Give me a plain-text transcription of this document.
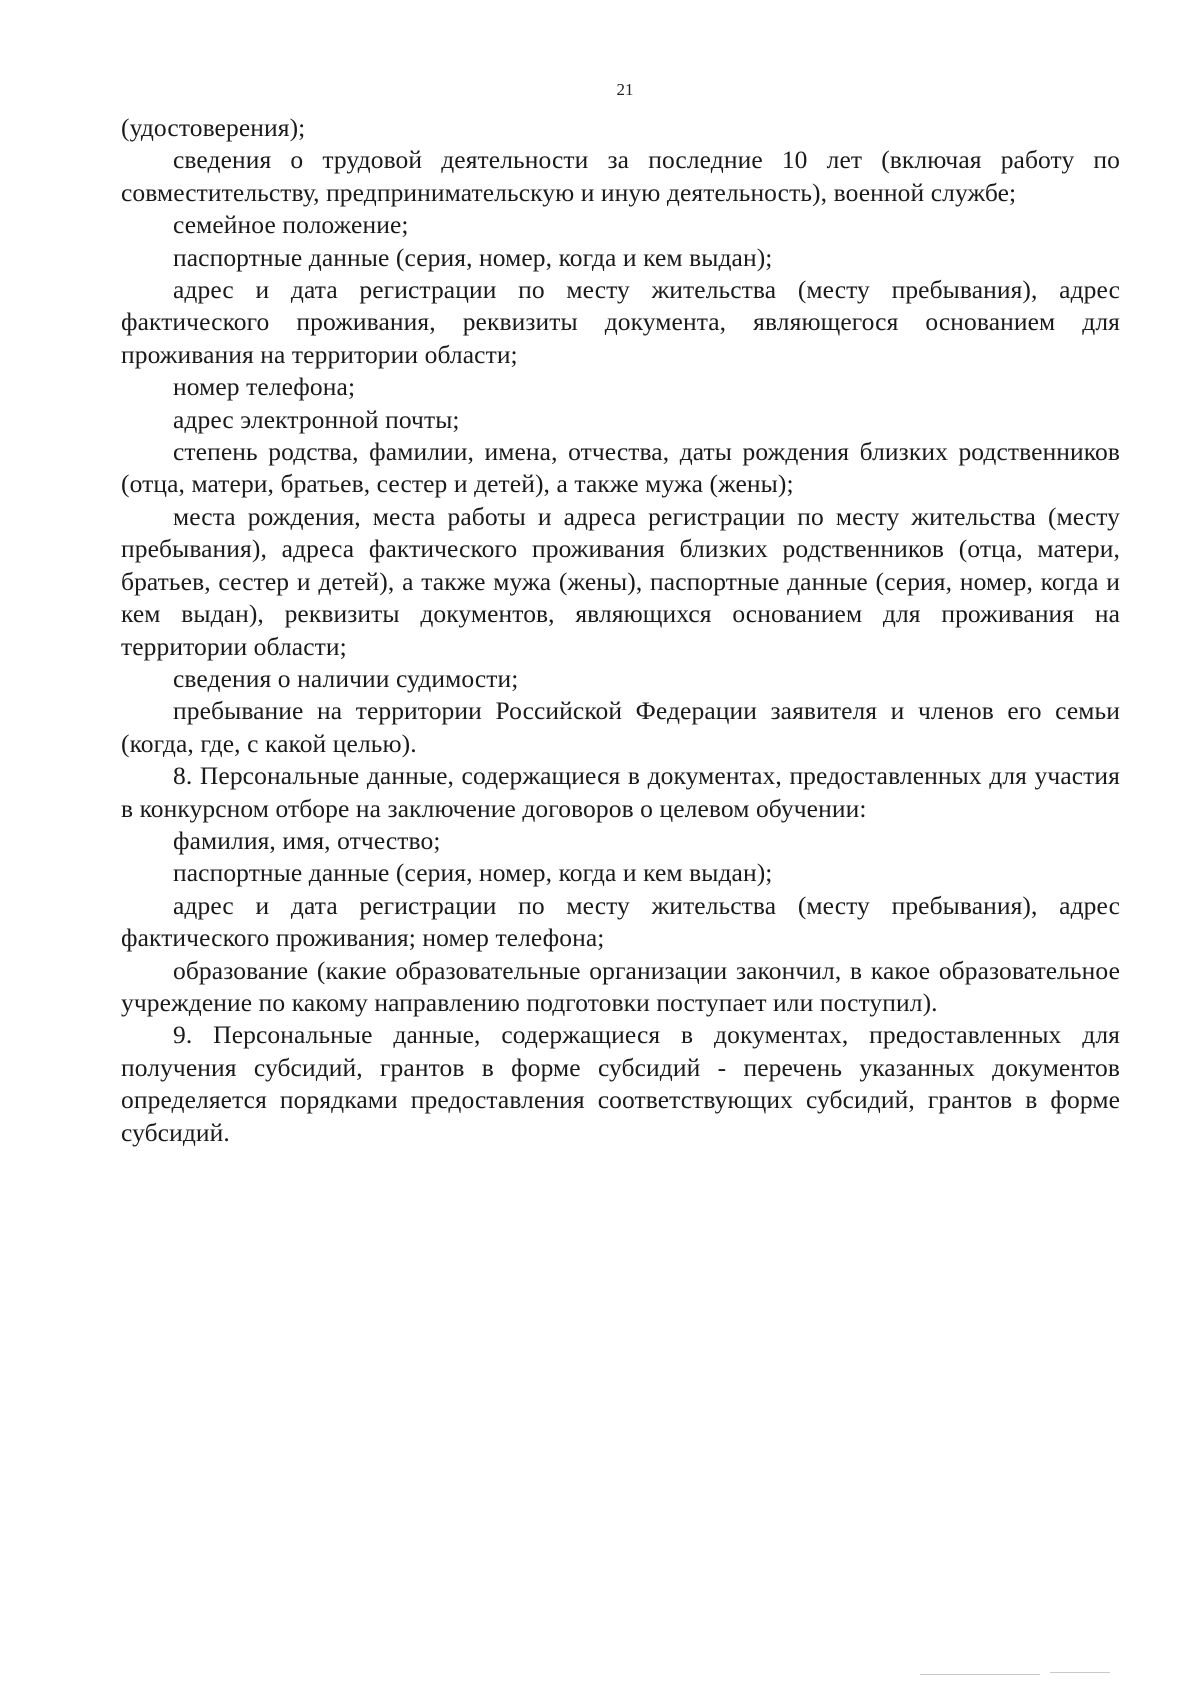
21

(удостоверения);

сведения о трудовой деятельности за последние 10 лет (включая работу по совместительству, предпринимательскую и иную деятельность), военной службе;

семейное положение;

паспортные данные (серия, номер, когда и кем выдан);

адрес и дата регистрации по месту жительства (месту пребывания), адрес фактического проживания, реквизиты документа, являющегося основанием для проживания на территории области;

номер телефона;

адрес электронной почты;

степень родства, фамилии, имена, отчества, даты рождения близких родственников (отца, матери, братьев, сестер и детей), а также мужа (жены);

места рождения, места работы и адреса регистрации по месту жительства (месту пребывания), адреса фактического проживания близких родственников (отца, матери, братьев, сестер и детей), а также мужа (жены), паспортные данные (серия, номер, когда и кем выдан), реквизиты документов, являющихся основанием для проживания на территории области;

сведения о наличии судимости;

пребывание на территории Российской Федерации заявителя и членов его семьи (когда, где, с какой целью).

8. Персональные данные, содержащиеся в документах, предоставленных для участия в конкурсном отборе на заключение договоров о целевом обучении:

фамилия, имя, отчество;

паспортные данные (серия, номер, когда и кем выдан);

адрес и дата регистрации по месту жительства (месту пребывания), адрес фактического проживания; номер телефона;

образование (какие образовательные организации закончил, в какое образовательное учреждение по какому направлению подготовки поступает или поступил).

9. Персональные данные, содержащиеся в документах, предоставленных для получения субсидий, грантов в форме субсидий - перечень указанных документов определяется порядками предоставления соответствующих субсидий, грантов в форме субсидий.
